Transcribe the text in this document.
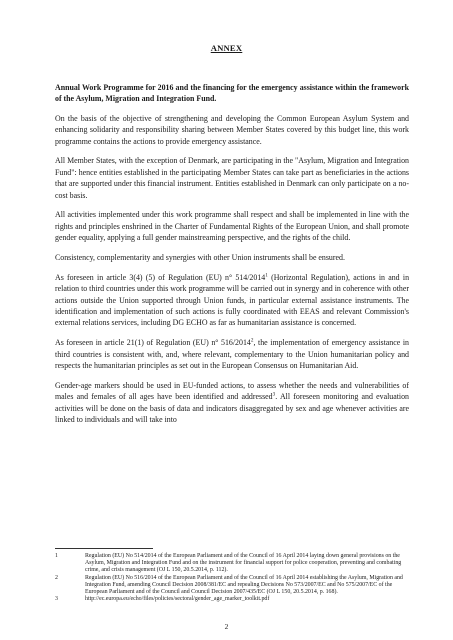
ANNEX

Annual Work Programme for 2016 and the financing for the emergency assistance within the framework of the Asylum, Migration and Integration Fund.

On the basis of the objective of strengthening and developing the Common European Asylum System and enhancing solidarity and responsibility sharing between Member States covered by this budget line, this work programme contains the actions to provide emergency assistance.

All Member States, with the exception of Denmark, are participating in the "Asylum, Migration and Integration Fund": hence entities established in the participating Member States can take part as beneficiaries in the actions that are supported under this financial instrument. Entities established in Denmark can only participate on a no-cost basis.

All activities implemented under this work programme shall respect and shall be implemented in line with the rights and principles enshrined in the Charter of Fundamental Rights of the European Union, and shall promote gender equality, applying a full gender mainstreaming perspective, and the rights of the child.

Consistency, complementarity and synergies with other Union instruments shall be ensured.

As foreseen in article 3(4) (5) of Regulation (EU) n° 514/2014$^1$ (Horizontal Regulation), actions in and in relation to third countries under this work programme will be carried out in synergy and in coherence with other actions outside the Union supported through Union funds, in particular external assistance instruments. The identification and implementation of such actions is fully coordinated with EEAS and relevant Commission's external relations services, including DG ECHO as far as humanitarian assistance is concerned.

As foreseen in article 21(1) of Regulation (EU) n° 516/2014$^2$, the implementation of emergency assistance in third countries is consistent with, and, where relevant, complementary to the Union humanitarian policy and respects the humanitarian principles as set out in the European Consensus on Humanitarian Aid.

Gender-age markers should be used in EU-funded actions, to assess whether the needs and vulnerabilities of males and females of all ages have been identified and addressed$^3$. All foreseen monitoring and evaluation activities will be done on the basis of data and indicators disaggregated by sex and age whenever activities are linked to individuals and will take into

1	Regulation (EU) No 514/2014 of the European Parliament and of the Council of 16 April 2014 laying down general provisions on the Asylum, Migration and Integration Fund and on the instrument for financial support for police cooperation, preventing and combating crime, and crisis management (OJ L 150, 20.5.2014, p. 112).
2	Regulation (EU) No 516/2014 of the European Parliament and of the Council of 16 April 2014 establishing the Asylum, Migration and Integration Fund, amending Council Decision 2008/381/EC and repealing Decisions No 573/2007/EC and No 575/2007/EC of the European Parliament and of the Council and Council Decision 2007/435/EC (OJ L 150, 20.5.2014, p. 168).
3	http://ec.europa.eu/echo/files/policies/sectoral/gender_age_marker_toolkit.pdf
2
